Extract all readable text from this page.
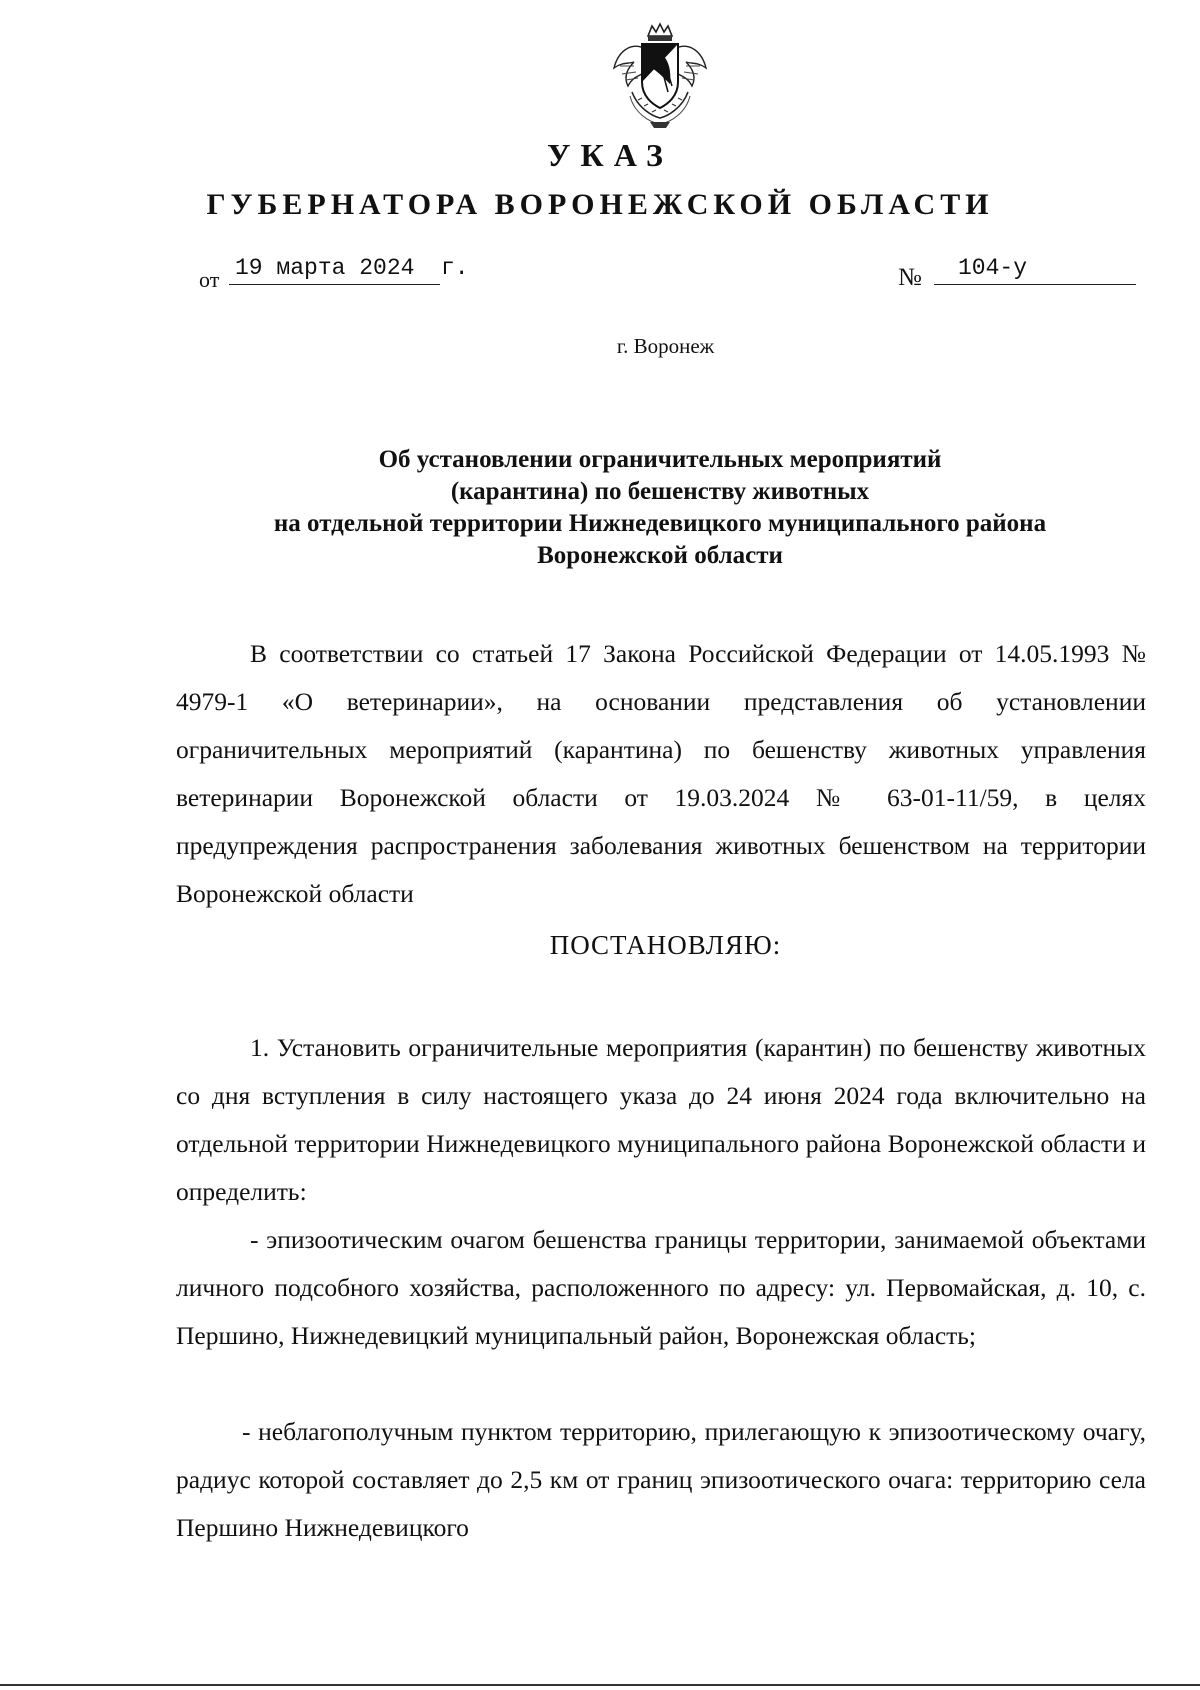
УКАЗ
ГУБЕРНАТОРА ВОРОНЕЖСКОЙ ОБЛАСТИ
от 19 марта 2024	г.	№	104-у
г. Воронеж
Об установлении ограничительных мероприятий
(карантина) по бешенству животных
на отдельной территории Нижнедевицкого муниципального района
Воронежской области

В соответствии со статьей 17 Закона Российской Федерации от 14.05.1993 № 4979-1 «О ветеринарии», на основании представления об установлении ограничительных мероприятий (карантина) по бешенству животных управления ветеринарии Воронежской области от 19.03.2024 № 63-01-11/59, в целях предупреждения распространения заболевания животных бешенством на территории Воронежской области

ПОСТАНОВЛЯЮ:

1. Установить ограничительные мероприятия (карантин) по бешенству животных со дня вступления в силу настоящего указа до 24 июня 2024 года включительно на отдельной территории Нижнедевицкого муниципального района Воронежской области и определить:

- эпизоотическим очагом бешенства границы территории, занимаемой объектами личного подсобного хозяйства, расположенного по адресу: ул. Первомайская, д. 10, с. Першино, Нижнедевицкий муниципальный район, Воронежская область;

- неблагополучным пунктом территорию, прилегающую к эпизоотическому очагу, радиус которой составляет до 2,5 км от границ эпизоотического очага: территорию села Першино Нижнедевицкого
